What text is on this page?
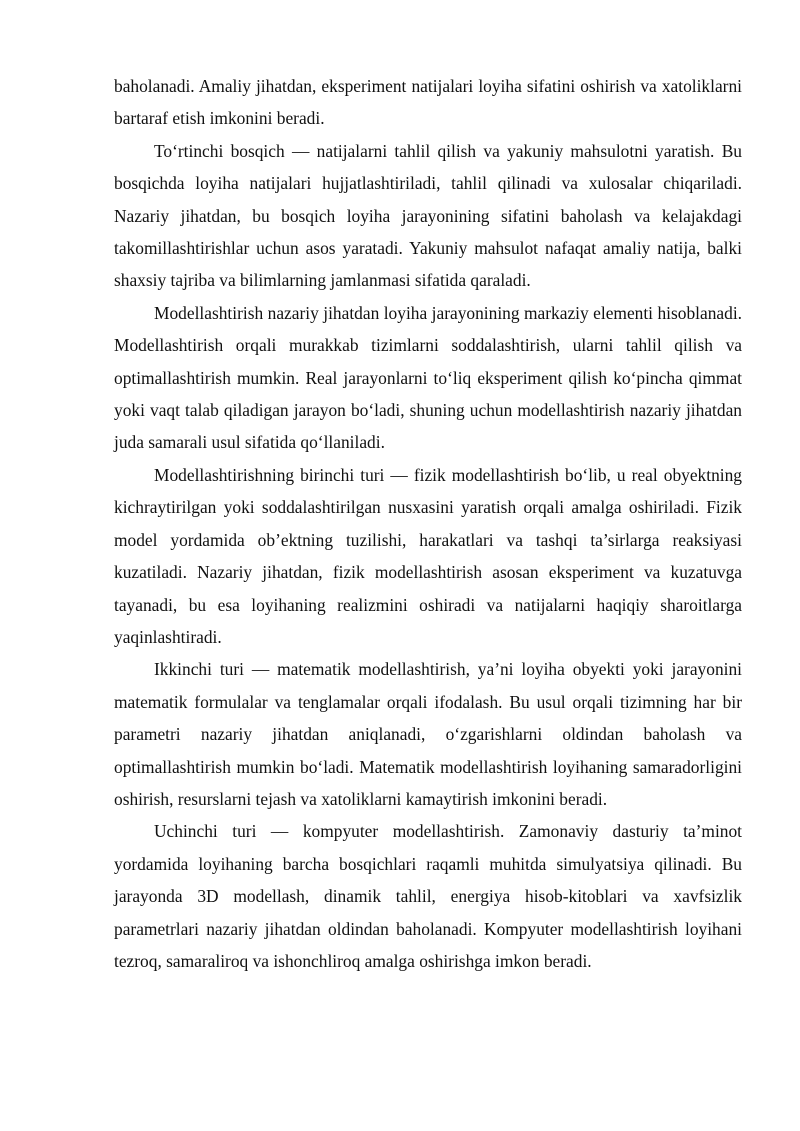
baholanadi. Amaliy jihatdan, eksperiment natijalari loyiha sifatini oshirish va xatoliklarni bartaraf etish imkonini beradi.

To‘rtinchi bosqich — natijalarni tahlil qilish va yakuniy mahsulotni yaratish. Bu bosqichda loyiha natijalari hujjatlashtiriladi, tahlil qilinadi va xulosalar chiqariladi. Nazariy jihatdan, bu bosqich loyiha jarayonining sifatini baholash va kelajakdagi takomillashtirishlar uchun asos yaratadi. Yakuniy mahsulot nafaqat amaliy natija, balki shaxsiy tajriba va bilimlarning jamlanmasi sifatida qaraladi.

Modellashtirish nazariy jihatdan loyiha jarayonining markaziy elementi hisoblanadi. Modellashtirish orqali murakkab tizimlarni soddalashtirish, ularni tahlil qilish va optimallashtirish mumkin. Real jarayonlarni to‘liq eksperiment qilish ko‘pincha qimmat yoki vaqt talab qiladigan jarayon bo‘ladi, shuning uchun modellashtirish nazariy jihatdan juda samarali usul sifatida qo‘llaniladi.

Modellashtirishning birinchi turi — fizik modellashtirish bo‘lib, u real obyektning kichraytirilgan yoki soddalashtirilgan nusxasini yaratish orqali amalga oshiriladi. Fizik model yordamida ob’ektning tuzilishi, harakatlari va tashqi ta’sirlarga reaksiyasi kuzatiladi. Nazariy jihatdan, fizik modellashtirish asosan eksperiment va kuzatuvga tayanadi, bu esa loyihaning realizmini oshiradi va natijalarni haqiqiy sharoitlarga yaqinlashtiradi.

Ikkinchi turi — matematik modellashtirish, ya’ni loyiha obyekti yoki jarayonini matematik formulalar va tenglamalar orqali ifodalash. Bu usul orqali tizimning har bir parametri nazariy jihatdan aniqlanadi, o‘zgarishlarni oldindan baholash va optimallashtirish mumkin bo‘ladi. Matematik modellashtirish loyihaning samaradorligini oshirish, resurslarni tejash va xatoliklarni kamaytirish imkonini beradi.

Uchinchi turi — kompyuter modellashtirish. Zamonaviy dasturiy ta’minot yordamida loyihaning barcha bosqichlari raqamli muhitda simulyatsiya qilinadi. Bu jarayonda 3D modellash, dinamik tahlil, energiya hisob-kitoblari va xavfsizlik parametrlari nazariy jihatdan oldindan baholanadi. Kompyuter modellashtirish loyihani tezroq, samaraliroq va ishonchliroq amalga oshirishga imkon beradi.
